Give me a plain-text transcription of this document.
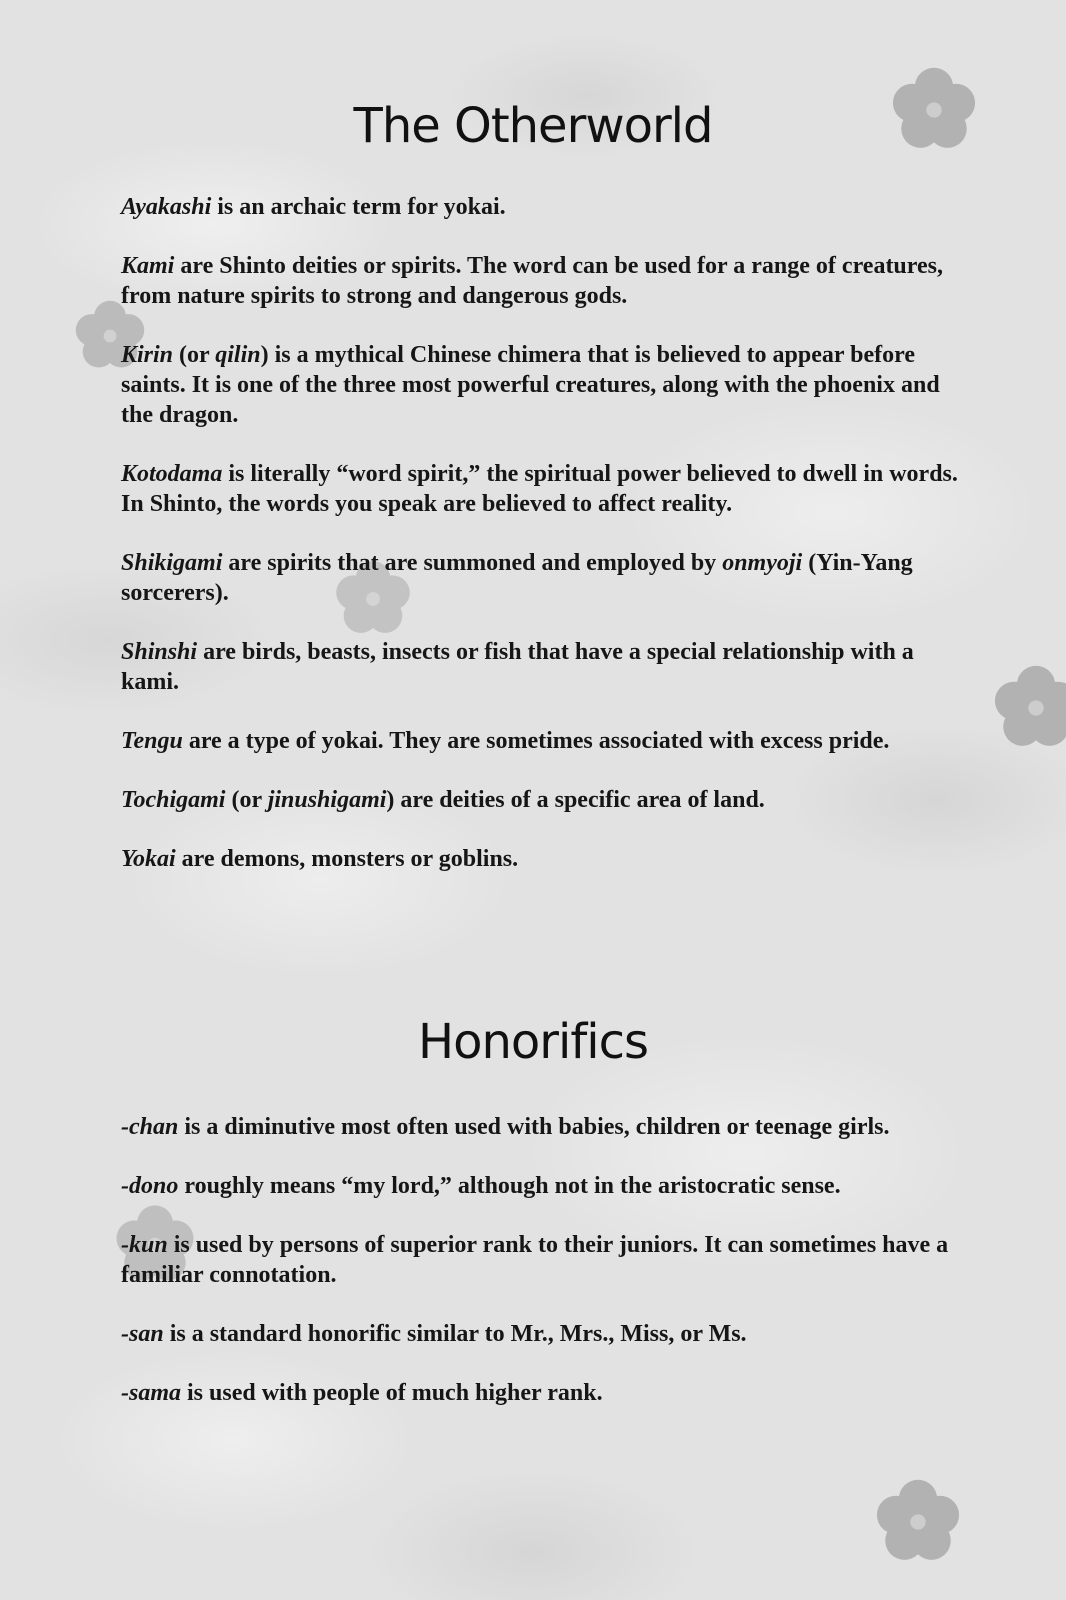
The Otherworld
Ayakashi is an archaic term for yokai.
Kami are Shinto deities or spirits. The word can be used for a range of creatures, from nature spirits to strong and dangerous gods.
Kirin (or qilin) is a mythical Chinese chimera that is believed to appear before saints. It is one of the three most powerful creatures, along with the phoenix and the dragon.
Kotodama is literally “word spirit,” the spiritual power believed to dwell in words. In Shinto, the words you speak are believed to affect reality.
Shikigami are spirits that are summoned and employed by onmyoji (Yin-Yang sorcerers).
Shinshi are birds, beasts, insects or fish that have a special relationship with a kami.
Tengu are a type of yokai. They are sometimes associated with excess pride.
Tochigami (or jinushigami) are deities of a specific area of land.
Yokai are demons, monsters or goblins.
Honorifics
-chan is a diminutive most often used with babies, children or teenage girls.
-dono roughly means “my lord,” although not in the aristocratic sense.
-kun is used by persons of superior rank to their juniors. It can sometimes have a familiar connotation.
-san is a standard honorific similar to Mr., Mrs., Miss, or Ms.
-sama is used with people of much higher rank.
